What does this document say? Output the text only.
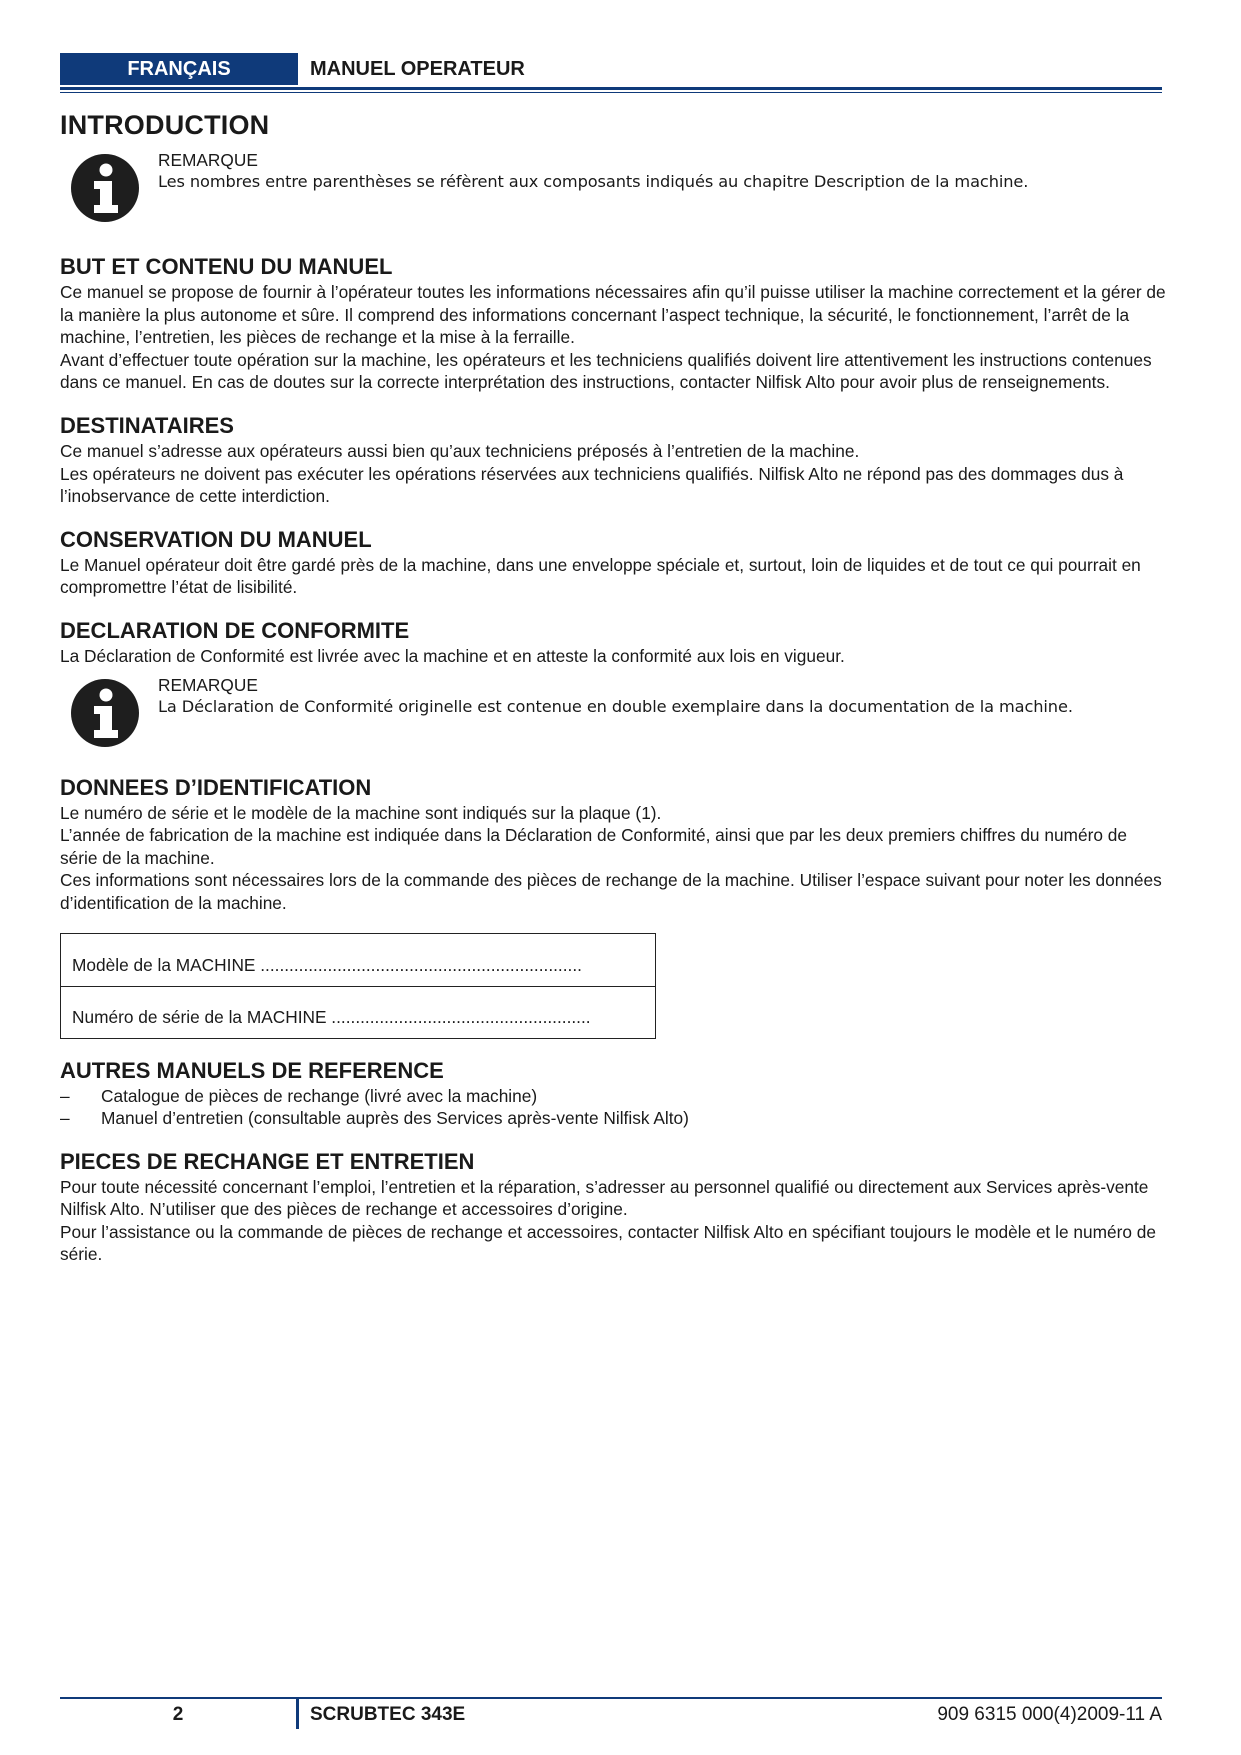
FRANÇAIS	MANUEL OPERATEUR
INTRODUCTION
REMARQUE
Les nombres entre parenthèses se réfèrent aux composants indiqués au chapitre Description de la machine.
BUT ET CONTENU DU MANUEL

Ce manuel se propose de fournir à l’opérateur toutes les informations nécessaires afin qu’il puisse utiliser la machine correctement et la gérer de la manière la plus autonome et sûre. Il comprend des informations concernant l’aspect technique, la sécurité, le fonctionnement, l’arrêt de la machine, l’entretien, les pièces de rechange et la mise à la ferraille.

Avant d’effectuer toute opération sur la machine, les opérateurs et les techniciens qualifiés doivent lire attentivement les instructions contenues dans ce manuel. En cas de doutes sur la correcte interprétation des instructions, contacter Nilfisk Alto pour avoir plus de renseignements.

DESTINATAIRES

Ce manuel s’adresse aux opérateurs aussi bien qu’aux techniciens préposés à l’entretien de la machine.

Les opérateurs ne doivent pas exécuter les opérations réservées aux techniciens qualifiés. Nilfisk Alto ne répond pas des dommages dus à l’inobservance de cette interdiction.

CONSERVATION DU MANUEL

Le Manuel opérateur doit être gardé près de la machine, dans une enveloppe spéciale et, surtout, loin de liquides et de tout ce qui pourrait en compromettre l’état de lisibilité.

DECLARATION DE CONFORMITE

La Déclaration de Conformité est livrée avec la machine et en atteste la conformité aux lois en vigueur.

REMARQUE
La Déclaration de Conformité originelle est contenue en double exemplaire dans la documentation de la machine.
DONNEES D’IDENTIFICATION

Le numéro de série et le modèle de la machine sont indiqués sur la plaque (1).

L’année de fabrication de la machine est indiquée dans la Déclaration de Conformité, ainsi que par les deux premiers chiffres du numéro de série de la machine.

Ces informations sont nécessaires lors de la commande des pièces de rechange de la machine. Utiliser l’espace suivant pour noter les données d’identification de la machine.

Modèle de la MACHINE ...................................................................
Numéro de série de la MACHINE ......................................................
AUTRES MANUELS DE REFERENCE
–	Catalogue de pièces de rechange (livré avec la machine)
–	Manuel d’entretien (consultable auprès des Services après-vente Nilfisk Alto)
PIECES DE RECHANGE ET ENTRETIEN

Pour toute nécessité concernant l’emploi, l’entretien et la réparation, s’adresser au personnel qualifié ou directement aux Services après-vente Nilfisk Alto. N’utiliser que des pièces de rechange et accessoires d’origine.

Pour l’assistance ou la commande de pièces de rechange et accessoires, contacter Nilfisk Alto en spécifiant toujours le modèle et le numéro de série.

2	SCRUBTEC 343E	909 6315 000(4)2009-11 A
